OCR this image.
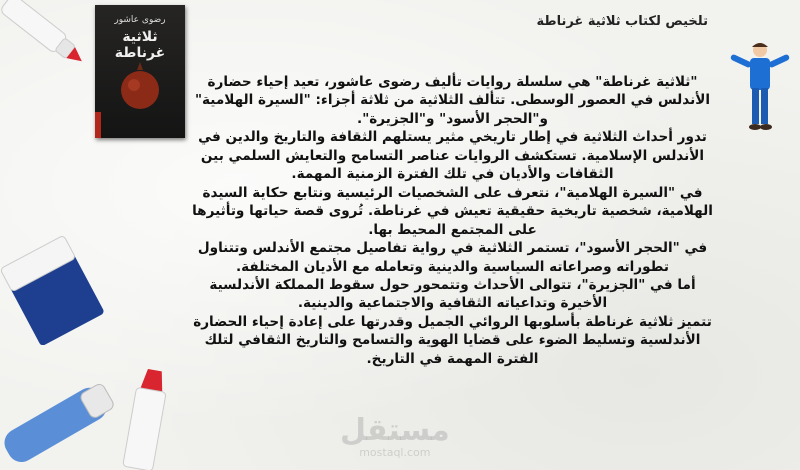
تلخيص لكتاب ثلاثية غرناطة
رضوى عاشور
ثلاثية غرناطة

"ثلاثية غرناطة" هي سلسلة روايات تأليف رضوى عاشور، تعيد إحياء حضارة الأندلس في العصور الوسطى. تتألف الثلاثية من ثلاثة أجزاء: "السيرة الهلامية" و"الحجر الأسود" و"الجزيرة".

تدور أحداث الثلاثية في إطار تاريخي مثير يستلهم الثقافة والتاريخ والدين في الأندلس الإسلامية. تستكشف الروايات عناصر التسامح والتعايش السلمي بين الثقافات والأديان في تلك الفترة الزمنية المهمة.

في "السيرة الهلامية"، نتعرف على الشخصيات الرئيسية ونتابع حكاية السيدة الهلامية، شخصية تاريخية حقيقية تعيش في غرناطة. تُروى قصة حياتها وتأثيرها على المجتمع المحيط بها.

في "الحجر الأسود"، تستمر الثلاثية في رواية تفاصيل مجتمع الأندلس وتتناول تطوراته وصراعاته السياسية والدينية وتعامله مع الأديان المختلفة.

أما في "الجزيرة"، تتوالى الأحداث وتتمحور حول سقوط المملكة الأندلسية الأخيرة وتداعياته الثقافية والاجتماعية والدينية.

تتميز ثلاثية غرناطة بأسلوبها الروائي الجميل وقدرتها على إعادة إحياء الحضارة الأندلسية وتسليط الضوء على قضايا الهوية والتسامح والتاريخ الثقافي لتلك الفترة المهمة في التاريخ.

مستقل
mostaql.com
